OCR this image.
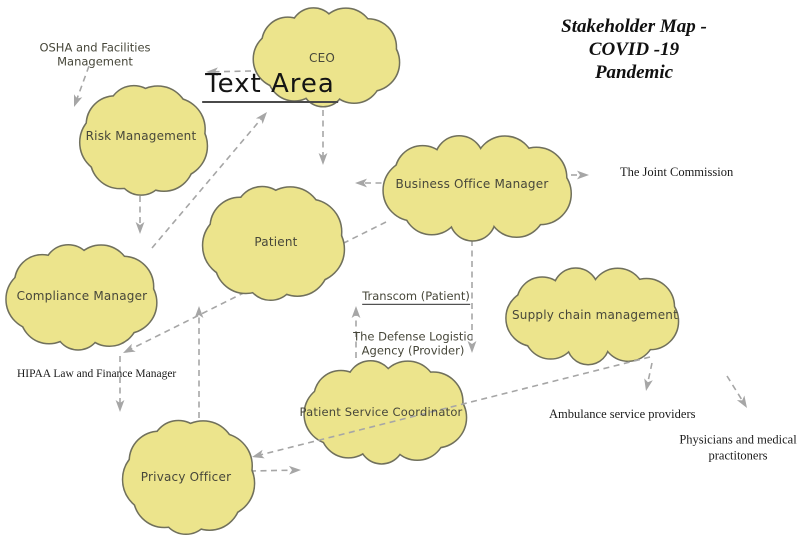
CEO
Risk Management
Compliance Manager
Patient
Business Office Manager
Supply chain management
Patient Service Coordinator
Privacy Officer
OSHA and Facilities
Management
Text Area
Stakeholder Map -
COVID -19
Pandemic
The Joint Commission
Transcom (Patient)
The Defense Logistic
Agency (Provider)
HIPAA Law and Finance Manager
Ambulance service providers
Physicians and medical
practitoners
